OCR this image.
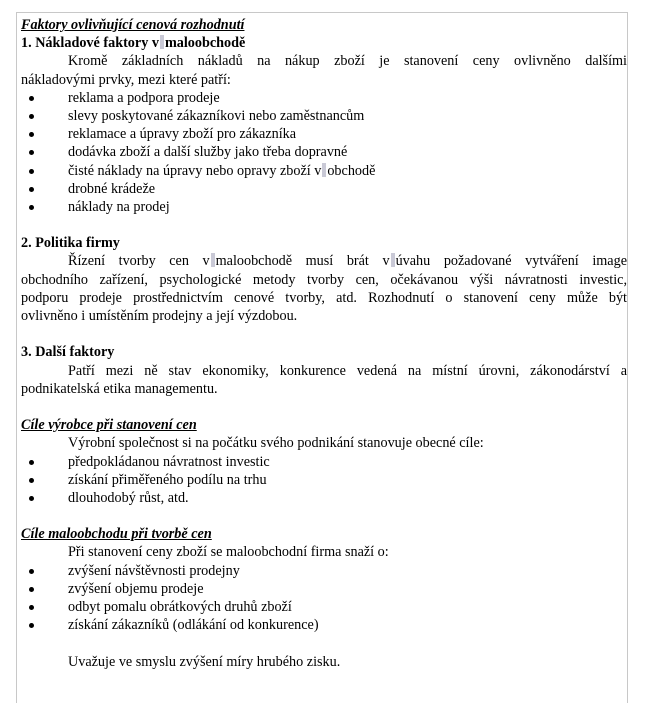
Faktory ovlivňující cenová rozhodnutí
1. Nákladové faktory v maloobchodě
Kromě základních nákladů na nákup zboží je stanovení ceny ovlivněno dalšími
nákladovými prvky, mezi které patří:
reklama a podpora prodeje
slevy poskytované zákazníkovi nebo zaměstnancům
reklamace a úpravy zboží pro zákazníka
dodávka zboží a další služby jako třeba dopravné
čisté náklady na úpravy nebo opravy zboží v obchodě
drobné krádeže
náklady na prodej
2. Politika firmy
Řízení tvorby cen v maloobchodě musí brát v úvahu požadované vytváření image
obchodního zařízení, psychologické metody tvorby cen, očekávanou výši návratnosti investic,
podporu prodeje prostřednictvím cenové tvorby, atd. Rozhodnutí o stanovení ceny může být
ovlivněno i umístěním prodejny a její výzdobou.
3. Další faktory
Patří mezi ně stav ekonomiky, konkurence vedená na místní úrovni, zákonodárství a
podnikatelská etika managementu.
Cíle výrobce při stanovení cen
Výrobní společnost si na počátku svého podnikání stanovuje obecné cíle:
předpokládanou návratnost investic
získání přiměřeného podílu na trhu
dlouhodobý růst, atd.
Cíle maloobchodu při tvorbě cen
Při stanovení ceny zboží se maloobchodní firma snaží o:
zvýšení návštěvnosti prodejny
zvýšení objemu prodeje
odbyt pomalu obrátkových druhů zboží
získání zákazníků (odlákání od konkurence)
Uvažuje ve smyslu zvýšení míry hrubého zisku.
